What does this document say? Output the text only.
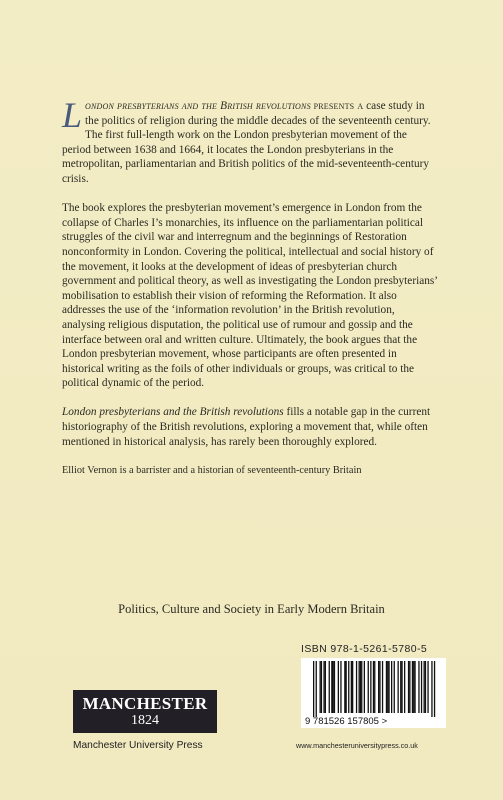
London presbyterians and the British revolutions presents a case study in the politics of religion during the middle decades of the seventeenth century. The first full-length work on the London presbyterian movement of the period between 1638 and 1664, it locates the London presbyterians in the metropolitan, parliamentarian and British politics of the mid-seventeenth-century crisis.

The book explores the presbyterian movement’s emergence in London from the collapse of Charles I’s monarchies, its influence on the parliamentarian political struggles of the civil war and interregnum and the beginnings of Restoration nonconformity in London. Covering the political, intellectual and social history of the movement, it looks at the development of ideas of presbyterian church government and political theory, as well as investigating the London presbyterians’ mobilisation to establish their vision of reforming the Reformation. It also addresses the use of the ‘information revolution’ in the British revolution, analysing religious disputation, the political use of rumour and gossip and the interface between oral and written culture. Ultimately, the book argues that the London presbyterian movement, whose participants are often presented in historical writing as the foils of other individuals or groups, was critical to the political dynamic of the period.

London presbyterians and the British revolutions fills a notable gap in the current historiography of the British revolutions, exploring a movement that, while often mentioned in historical analysis, has rarely been thoroughly explored.

Elliot Vernon is a barrister and a historian of seventeenth-century Britain

Politics, Culture and Society in Early Modern Britain
ISBN 978-1-5261-5780-5
9 781526 157805 >
MANCHESTER
1824
Manchester University Press	www.manchesteruniversitypress.co.uk
